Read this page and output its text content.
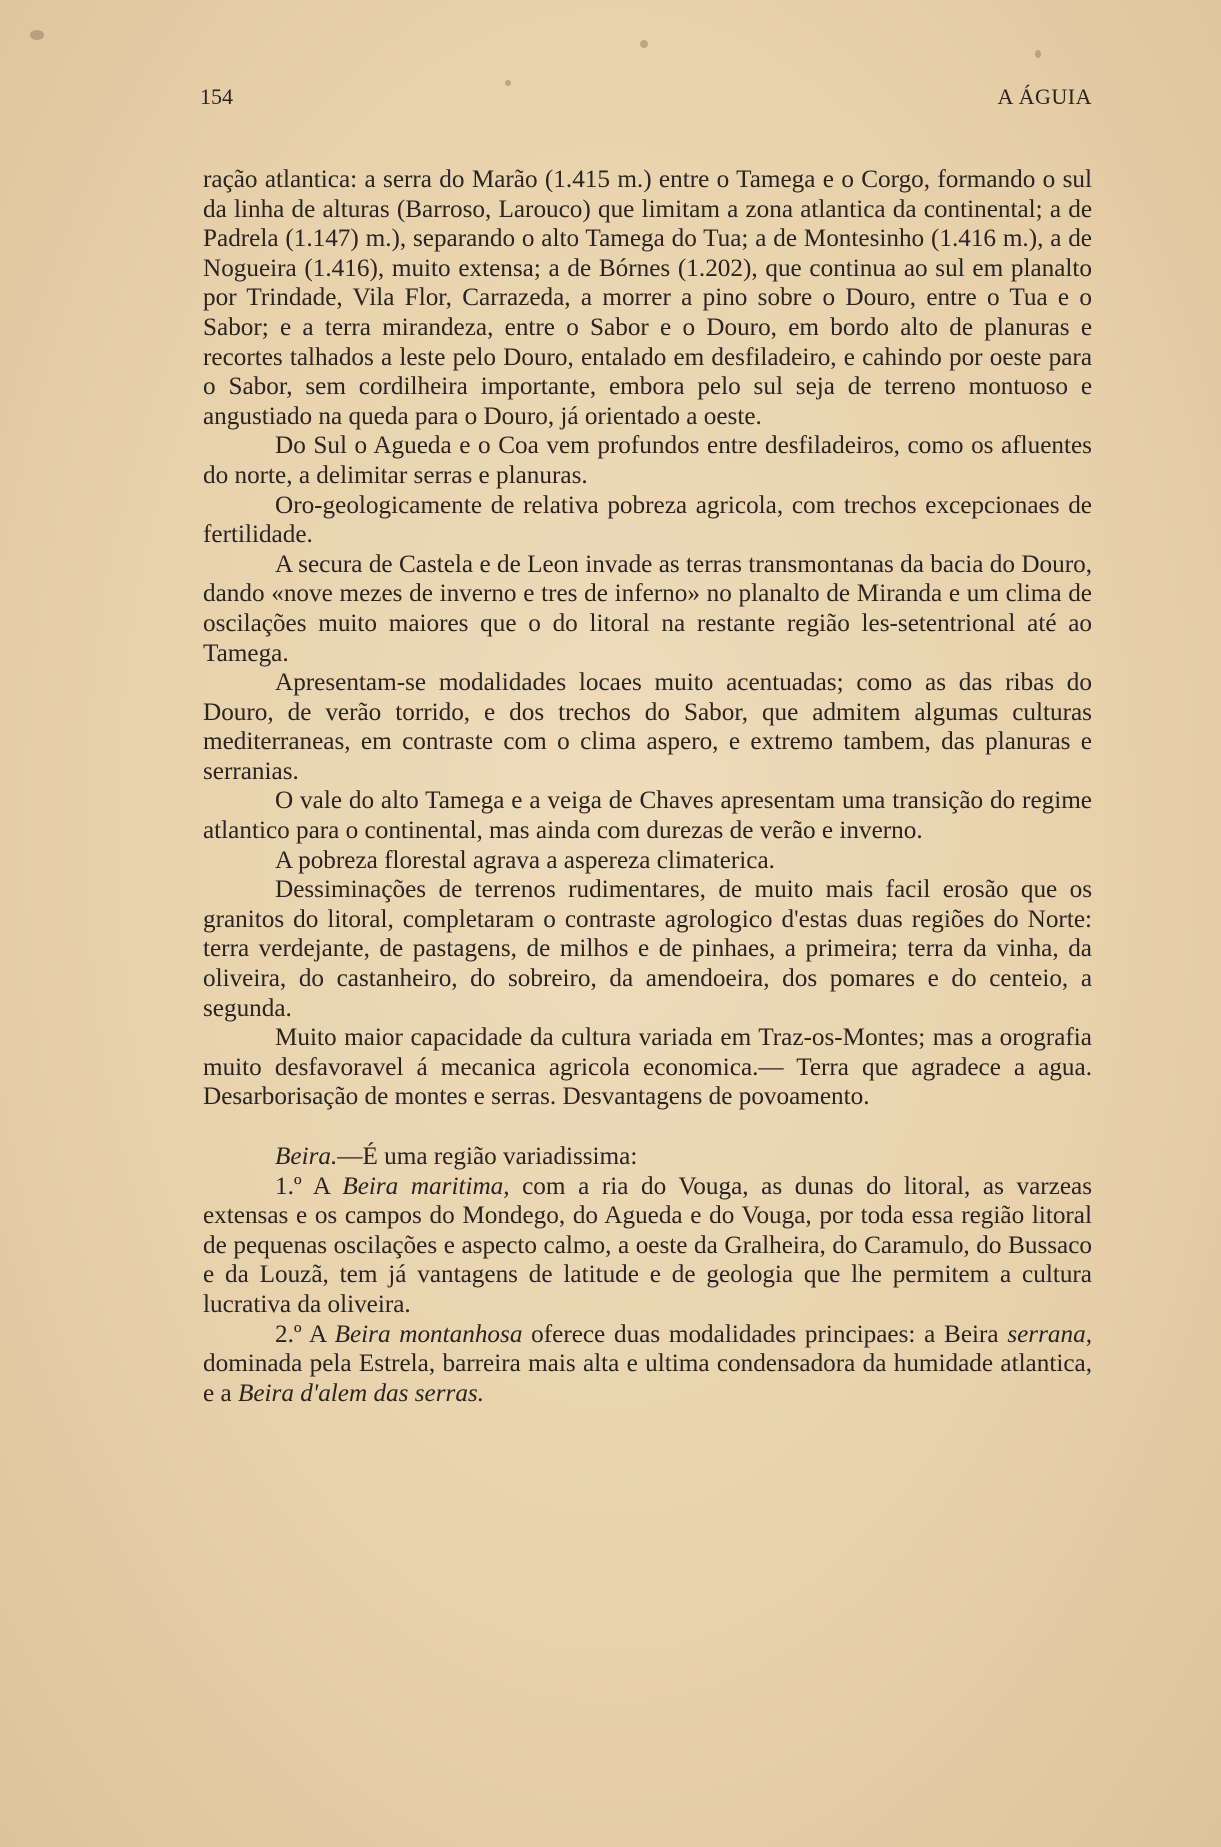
154	A ÁGUIA

ração atlantica: a serra do Marão (1.415 m.) entre o Tamega e o Corgo, formando o sul da linha de alturas (Barroso, Larouco) que limitam a zona atlantica da continental; a de Padrela (1.147) m.), separando o alto Tamega do Tua; a de Montesinho (1.416 m.), a de Nogueira (1.416), muito extensa; a de Bórnes (1.202), que continua ao sul em planalto por Trindade, Vila Flor, Carrazeda, a morrer a pino sobre o Douro, entre o Tua e o Sabor; e a terra mirandeza, entre o Sabor e o Douro, em bordo alto de planuras e recortes talhados a leste pelo Douro, entalado em desfiladeiro, e cahindo por oeste para o Sabor, sem cordilheira importante, embora pelo sul seja de terreno montuoso e angustiado na queda para o Douro, já orientado a oeste.

Do Sul o Agueda e o Coa vem profundos entre desfiladeiros, como os afluentes do norte, a delimitar serras e planuras.

Oro-geologicamente de relativa pobreza agricola, com trechos excepcionaes de fertilidade.

A secura de Castela e de Leon invade as terras transmontanas da bacia do Douro, dando «nove mezes de inverno e tres de inferno» no planalto de Miranda e um clima de oscilações muito maiores que o do litoral na restante região les-setentrional até ao Tamega.

Apresentam-se modalidades locaes muito acentuadas; como as das ribas do Douro, de verão torrido, e dos trechos do Sabor, que admitem algumas culturas mediterraneas, em contraste com o clima aspero, e extremo tambem, das planuras e serranias.

O vale do alto Tamega e a veiga de Chaves apresentam uma transição do regime atlantico para o continental, mas ainda com durezas de verão e inverno.

A pobreza florestal agrava a aspereza climaterica.

Dessiminações de terrenos rudimentares, de muito mais facil erosão que os granitos do litoral, completaram o contraste agrologico d'estas duas regiões do Norte: terra verdejante, de pastagens, de milhos e de pinhaes, a primeira; terra da vinha, da oliveira, do castanheiro, do sobreiro, da amendoeira, dos pomares e do centeio, a segunda.

Muito maior capacidade da cultura variada em Traz-os-Montes; mas a orografia muito desfavoravel á mecanica agricola economica.— Terra que agradece a agua. Desarborisação de montes e serras. Desvantagens de povoamento.

Beira.—É uma região variadissima:

1.º A Beira maritima, com a ria do Vouga, as dunas do litoral, as varzeas extensas e os campos do Mondego, do Agueda e do Vouga, por toda essa região litoral de pequenas oscilações e aspecto calmo, a oeste da Gralheira, do Caramulo, do Bussaco e da Louzã, tem já vantagens de latitude e de geologia que lhe permitem a cultura lucrativa da oliveira.

2.º A Beira montanhosa oferece duas modalidades principaes: a Beira serrana, dominada pela Estrela, barreira mais alta e ultima condensadora da humidade atlantica, e a Beira d'alem das serras.
